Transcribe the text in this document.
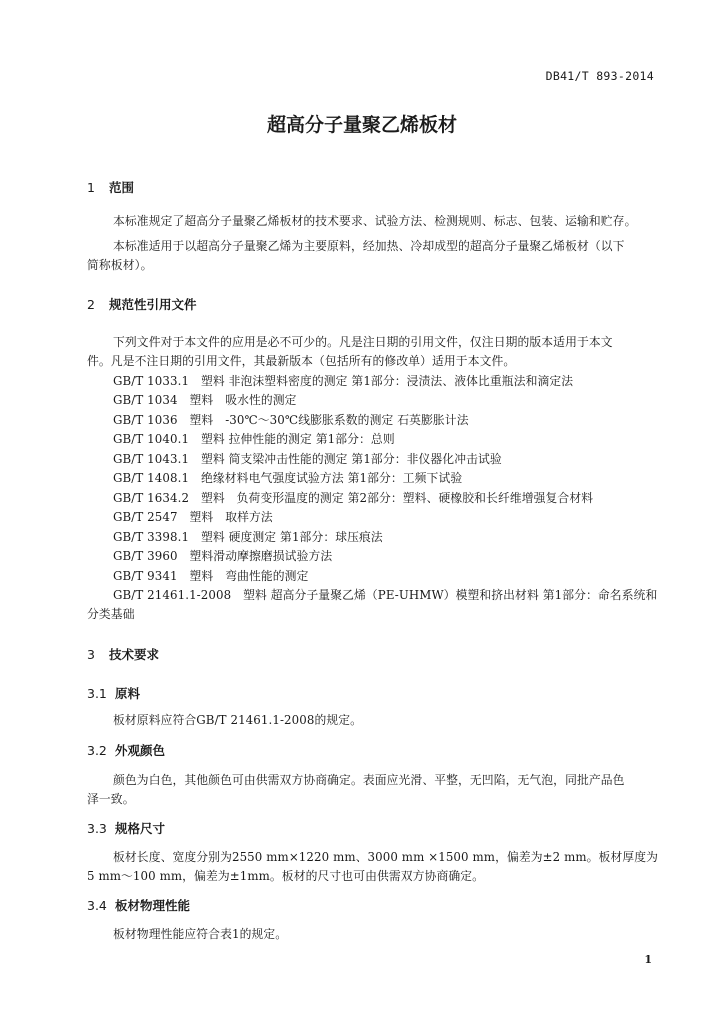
DB41/T 893-2014
超高分子量聚乙烯板材
1 范围
本标准规定了超高分子量聚乙烯板材的技术要求、试验方法、检测规则、标志、包装、运输和贮存。
本标准适用于以超高分子量聚乙烯为主要原料，经加热、冷却成型的超高分子量聚乙烯板材（以下
简称板材）。
2 规范性引用文件
下列文件对于本文件的应用是必不可少的。凡是注日期的引用文件，仅注日期的版本适用于本文
件。凡是不注日期的引用文件，其最新版本（包括所有的修改单）适用于本文件。
GB/T 1033.1　塑料 非泡沫塑料密度的测定 第1部分：浸渍法、液体比重瓶法和滴定法
GB/T 1034　塑料　吸水性的测定
GB/T 1036　塑料　-30℃～30℃线膨胀系数的测定 石英膨胀计法
GB/T 1040.1　塑料 拉伸性能的测定 第1部分：总则
GB/T 1043.1　塑料 简支梁冲击性能的测定 第1部分：非仪器化冲击试验
GB/T 1408.1　绝缘材料电气强度试验方法 第1部分：工频下试验
GB/T 1634.2　塑料　负荷变形温度的测定 第2部分：塑料、硬橡胶和长纤维增强复合材料
GB/T 2547　塑料　取样方法
GB/T 3398.1　塑料 硬度测定 第1部分：球压痕法
GB/T 3960　塑料滑动摩擦磨损试验方法
GB/T 9341　塑料　弯曲性能的测定
GB/T 21461.1-2008　塑料 超高分子量聚乙烯（PE-UHMW）模塑和挤出材料 第1部分：命名系统和
分类基础
3 技术要求
3.1 原料
板材原料应符合GB/T 21461.1-2008的规定。
3.2 外观颜色
颜色为白色，其他颜色可由供需双方协商确定。表面应光滑、平整，无凹陷，无气泡，同批产品色
泽一致。
3.3 规格尺寸
板材长度、宽度分别为2550 mm×1220 mm、3000 mm ×1500 mm，偏差为±2 mm。板材厚度为
5 mm～100 mm，偏差为±1mm。板材的尺寸也可由供需双方协商确定。
3.4 板材物理性能
板材物理性能应符合表1的规定。
1
